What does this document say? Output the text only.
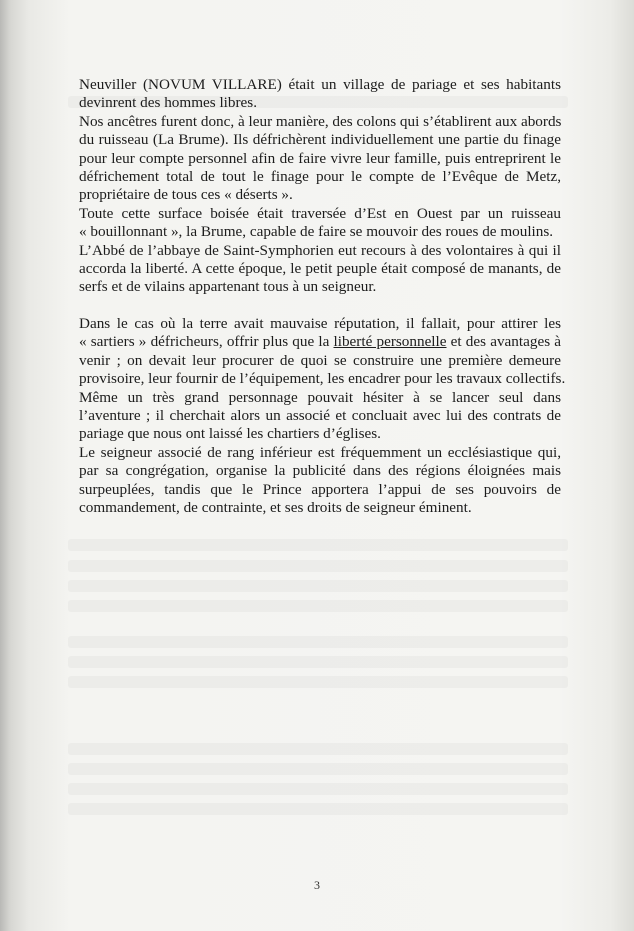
Neuviller (NOVUM VILLARE) était un village de pariage et ses habitants
devinrent des hommes libres.
Nos ancêtres furent donc, à leur manière, des colons qui s’établirent aux abords
du ruisseau (La Brume). Ils défrichèrent individuellement une partie du finage
pour leur compte personnel afin de faire vivre leur famille, puis entreprirent le
défrichement total de tout le finage pour le compte de l’Evêque de Metz,
propriétaire de tous ces « déserts ».
Toute cette surface boisée était traversée d’Est en Ouest par un ruisseau
« bouillonnant », la Brume, capable de faire se mouvoir des roues de moulins.
L’Abbé de l’abbaye de Saint-Symphorien eut recours à des volontaires à qui il
accorda la liberté. A cette époque, le petit peuple était composé de manants, de
serfs et de vilains appartenant tous à un seigneur.
Dans le cas où la terre avait mauvaise réputation, il fallait, pour attirer les
« sartiers » défricheurs, offrir plus que la liberté personnelle et des avantages à
venir ; on devait leur procurer de quoi se construire une première demeure
provisoire, leur fournir de l’équipement, les encadrer pour les travaux collectifs.
Même un très grand personnage pouvait hésiter à se lancer seul dans
l’aventure ; il cherchait alors un associé et concluait avec lui des contrats de
pariage que nous ont laissé les chartiers d’églises.
Le seigneur associé de rang inférieur est fréquemment un ecclésiastique qui,
par sa congrégation, organise la publicité dans des régions éloignées mais
surpeuplées, tandis que le Prince apportera l’appui de ses pouvoirs de
commandement, de contrainte, et ses droits de seigneur éminent.
3
